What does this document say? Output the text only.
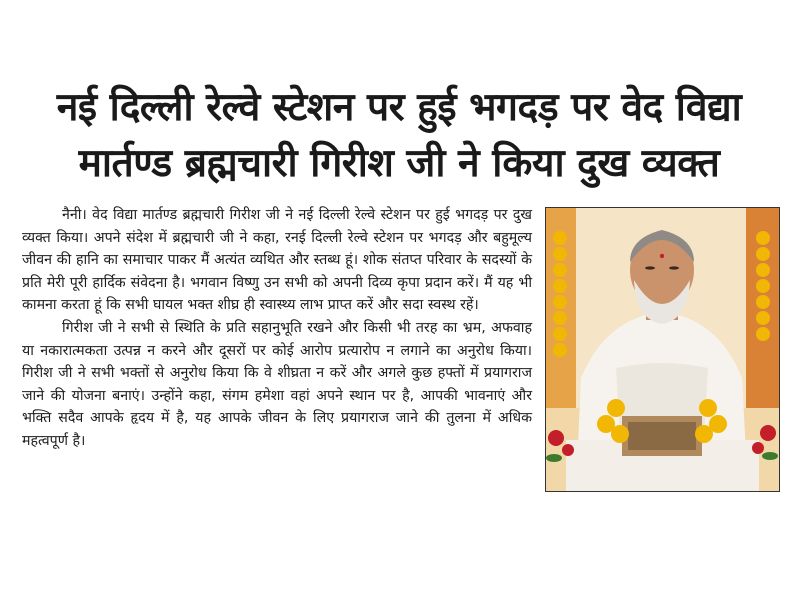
नई दिल्ली रेल्वे स्टेशन पर हुई भगदड़ पर वेद विद्या
मार्तण्ड ब्रह्मचारी गिरीश जी ने किया दुख व्यक्त

नैनी। वेद विद्या मार्तण्ड ब्रह्मचारी गिरीश जी ने नई दिल्ली रेल्वे स्टेशन पर हुई भगदड़ पर दुख व्यक्त किया। अपने संदेश में ब्रह्मचारी जी ने कहा, रनई दिल्ली रेल्वे स्टेशन पर भगदड़ और बहुमूल्य जीवन की हानि का समाचार पाकर मैं अत्यंत व्यथित और स्तब्ध हूं। शोक संतप्त परिवार के सदस्यों के प्रति मेरी पूरी हार्दिक संवेदना है। भगवान विष्णु उन सभी को अपनी दिव्य कृपा प्रदान करें। मैं यह भी कामना करता हूं कि सभी घायल भक्त शीघ्र ही स्वास्थ्य लाभ प्राप्त करें और सदा स्वस्थ रहें।

गिरीश जी ने सभी से स्थिति के प्रति सहानुभूति रखने और किसी भी तरह का भ्रम, अफवाह या नकारात्मकता उत्पन्न न करने और दूसरों पर कोई आरोप प्रत्यारोप न लगाने का अनुरोध किया। गिरीश जी ने सभी भक्तों से अनुरोध किया कि वे शीघ्रता न करें और अगले कुछ हफ्तों में प्रयागराज जाने की योजना बनाएं। उन्होंने कहा, संगम हमेशा वहां अपने स्थान पर है, आपकी भावनाएं और भक्ति सदैव आपके हृदय में है, यह आपके जीवन के लिए प्रयागराज जाने की तुलना में अधिक महत्वपूर्ण है।
